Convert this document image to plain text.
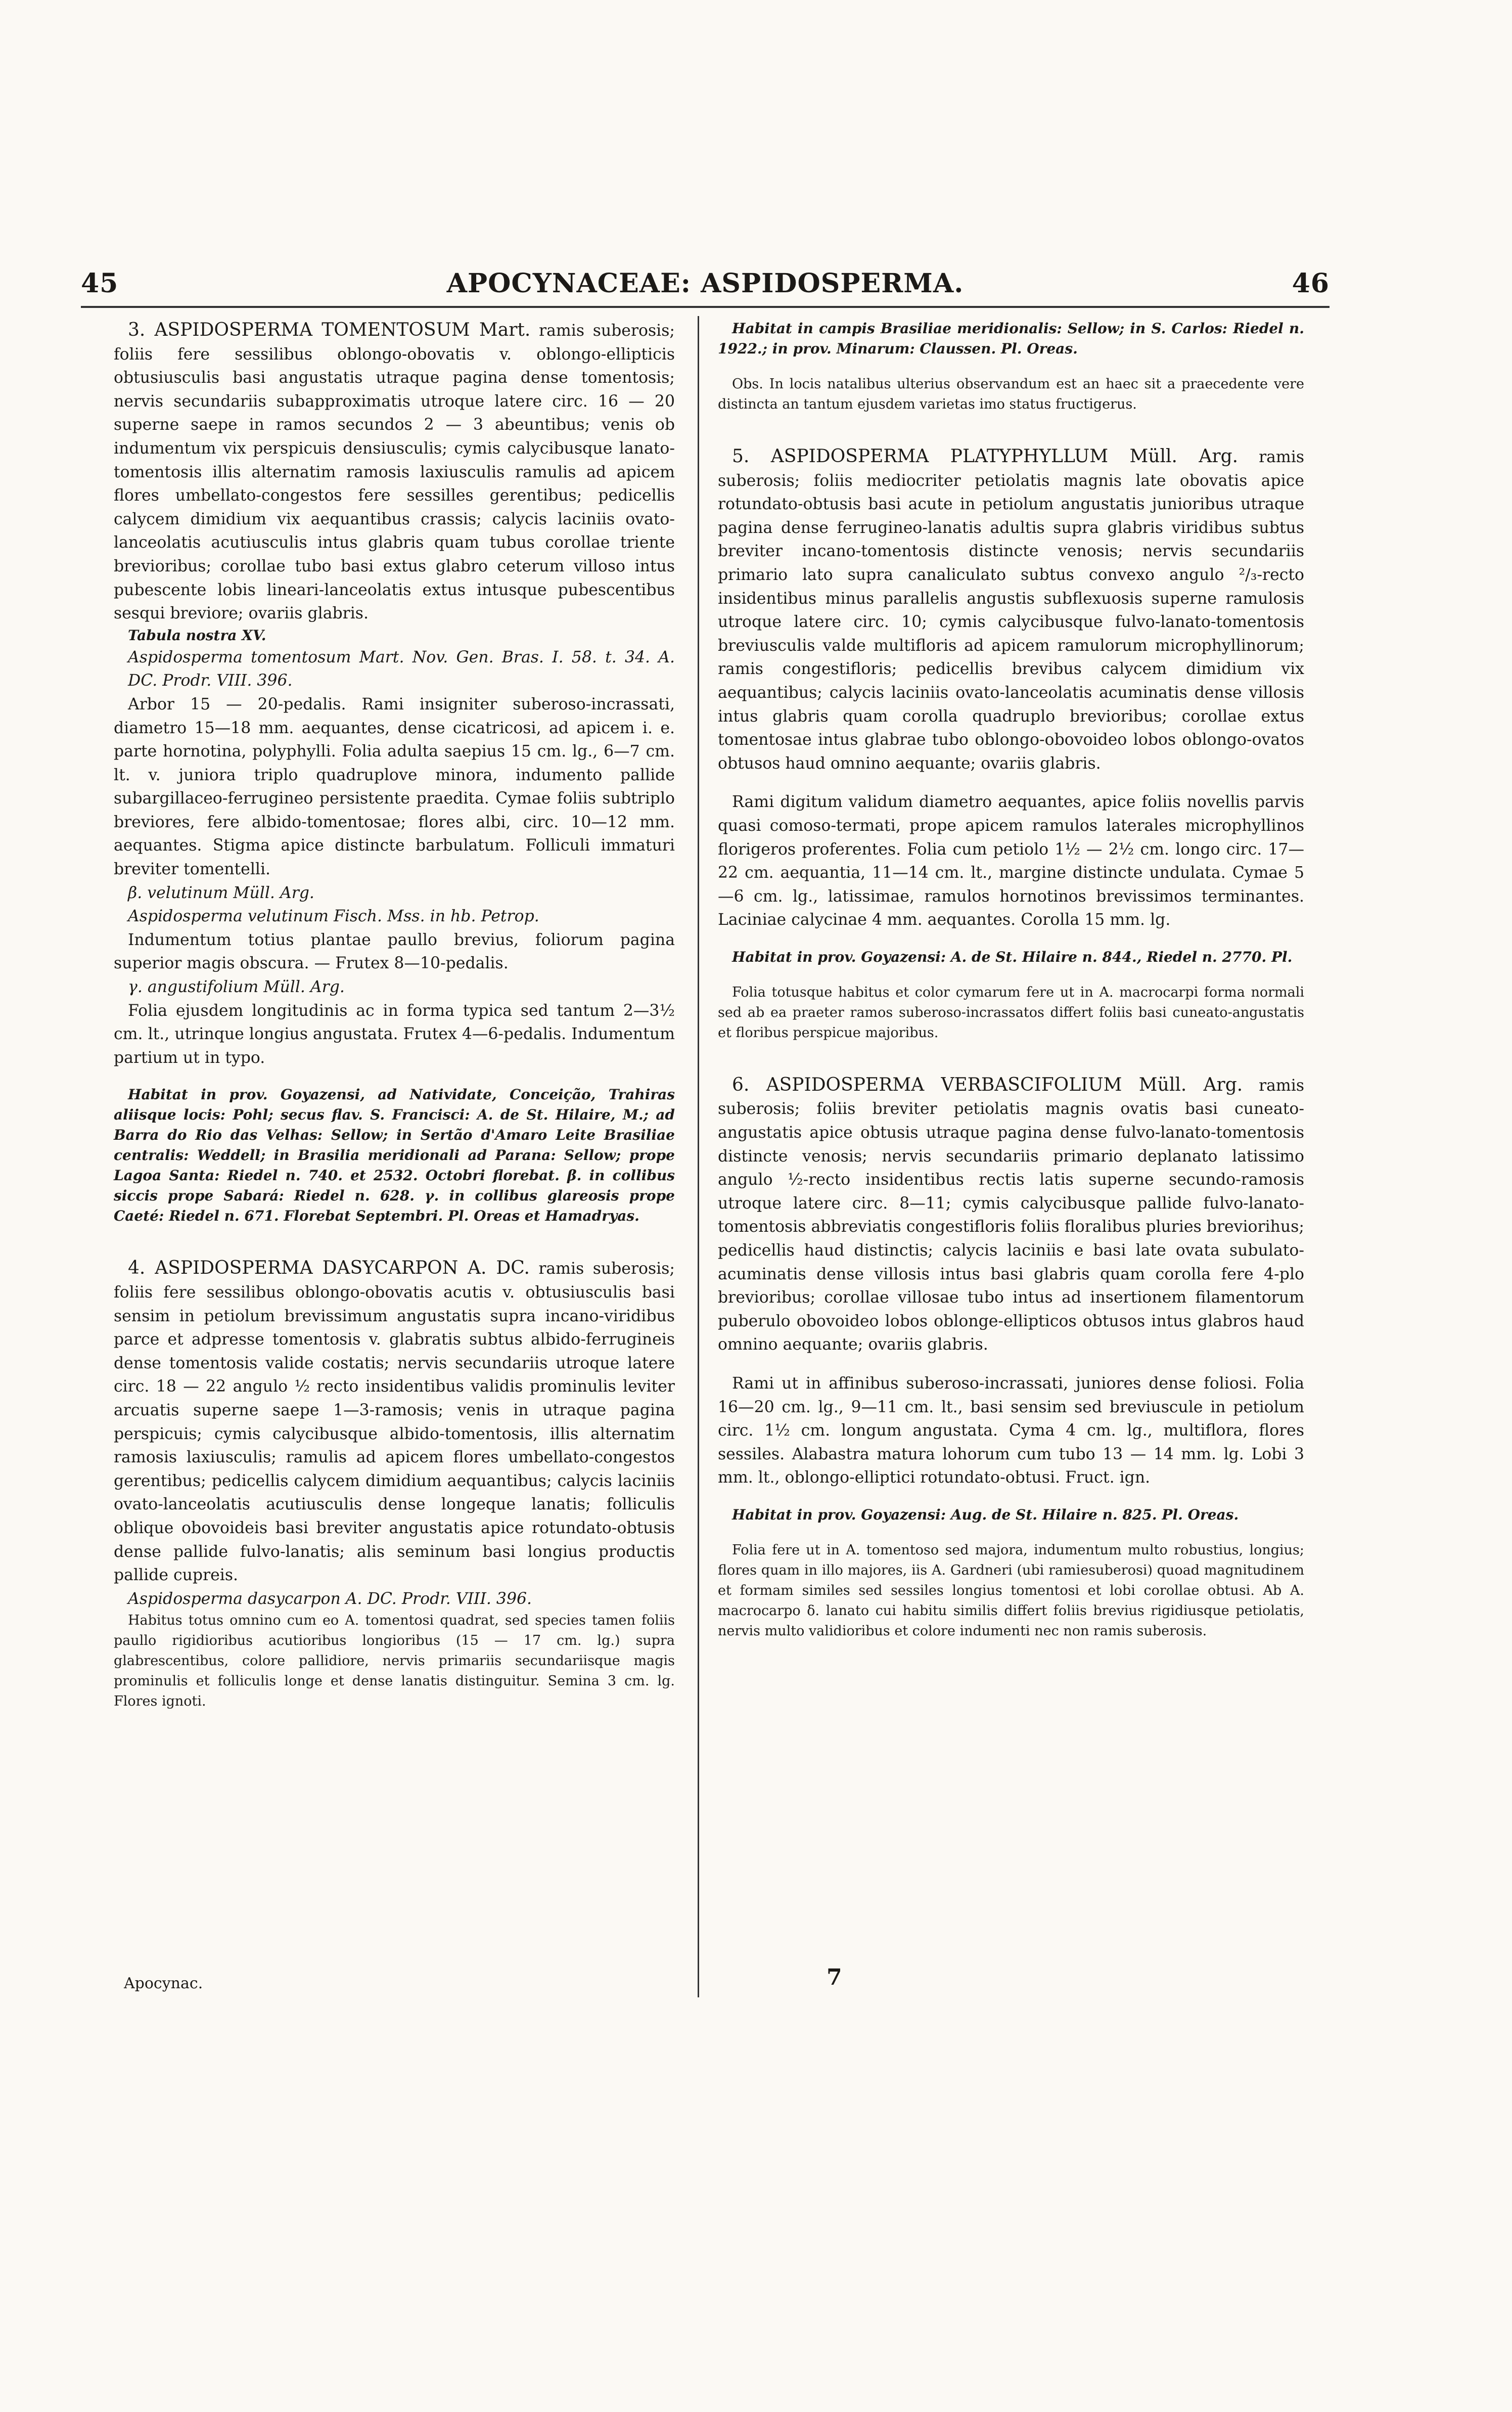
45	APOCYNACEAE: ASPIDOSPERMA.	46

3. ASPIDOSPERMA TOMENTOSUM Mart. ramis suberosis; foliis fere sessilibus oblongo-obovatis v. oblongo-ellipticis obtusiusculis basi angustatis utraque pagina dense tomentosis; nervis secundariis subapproximatis utroque latere circ. 16 — 20 superne saepe in ramos secundos 2 — 3 abeuntibus; venis ob indumentum vix perspicuis densiusculis; cymis calycibusque lanato-tomentosis illis alternatim ramosis laxiusculis ramulis ad apicem flores umbellato-congestos fere sessilles gerentibus; pedicellis calycem dimidium vix aequantibus crassis; calycis laciniis ovato-lanceolatis acutiusculis intus glabris quam tubus corollae triente brevioribus; corollae tubo basi extus glabro ceterum villoso intus pubescente lobis lineari-lanceolatis extus intusque pubescentibus sesqui breviore; ovariis glabris.

Tabula nostra XV.

Aspidosperma tomentosum Mart. Nov. Gen. Bras. I. 58. t. 34. A. DC. Prodr. VIII. 396.

Arbor 15 — 20-pedalis. Rami insigniter suberoso-incrassati, diametro 15—18 mm. aequantes, dense cicatricosi, ad apicem i. e. parte hornotina, polyphylli. Folia adulta saepius 15 cm. lg., 6—7 cm. lt. v. juniora triplo quadruplove minora, indumento pallide subargillaceo-ferrugineo persistente praedita. Cymae foliis subtriplo breviores, fere albido-tomentosae; flores albi, circ. 10—12 mm. aequantes. Stigma apice distincte barbulatum. Folliculi immaturi breviter tomentelli.

β. velutinum Müll. Arg.

Aspidosperma velutinum Fisch. Mss. in hb. Petrop.

Indumentum totius plantae paullo brevius, foliorum pagina superior magis obscura. — Frutex 8—10-pedalis.

γ. angustifolium Müll. Arg.

Folia ejusdem longitudinis ac in forma typica sed tantum 2—3½ cm. lt., utrinque longius angustata. Frutex 4—6-pedalis. Indumentum partium ut in typo.

Habitat in prov. Goyazensi, ad Natividate, Conceição, Trahiras aliisque locis: Pohl; secus flav. S. Francisci: A. de St. Hilaire, M.; ad Barra do Rio das Velhas: Sellow; in Sertão d'Amaro Leite Brasiliae centralis: Weddell; in Brasilia meridionali ad Parana: Sellow; prope Lagoa Santa: Riedel n. 740. et 2532. Octobri florebat. β. in collibus siccis prope Sabará: Riedel n. 628. γ. in collibus glareosis prope Caeté: Riedel n. 671. Florebat Septembri. Pl. Oreas et Hamadryas.

4. ASPIDOSPERMA DASYCARPON A. DC. ramis suberosis; foliis fere sessilibus oblongo-obovatis acutis v. obtusiusculis basi sensim in petiolum brevissimum angustatis supra incano-viridibus parce et adpresse tomentosis v. glabratis subtus albido-ferrugineis dense tomentosis valide costatis; nervis secundariis utroque latere circ. 18 — 22 angulo ½ recto insidentibus validis prominulis leviter arcuatis superne saepe 1—3-ramosis; venis in utraque pagina perspicuis; cymis calycibusque albido-tomentosis, illis alternatim ramosis laxiusculis; ramulis ad apicem flores umbellato-congestos gerentibus; pedicellis calycem dimidium aequantibus; calycis laciniis ovato-lanceolatis acutiusculis dense longeque lanatis; folliculis oblique obovoideis basi breviter angustatis apice rotundato-obtusis dense pallide fulvo-lanatis; alis seminum basi longius productis pallide cupreis.

Aspidosperma dasycarpon A. DC. Prodr. VIII. 396.

Habitus totus omnino cum eo A. tomentosi quadrat, sed species tamen foliis paullo rigidioribus acutioribus longioribus (15 — 17 cm. lg.) supra glabrescentibus, colore pallidiore, nervis primariis secundariisque magis prominulis et folliculis longe et dense lanatis distinguitur. Semina 3 cm. lg. Flores ignoti.

Habitat in campis Brasiliae meridionalis: Sellow; in S. Carlos: Riedel n. 1922.; in prov. Minarum: Claussen. Pl. Oreas.

Obs. In locis natalibus ulterius observandum est an haec sit a praecedente vere distincta an tantum ejusdem varietas imo status fructigerus.

5. ASPIDOSPERMA PLATYPHYLLUM Müll. Arg. ramis suberosis; foliis mediocriter petiolatis magnis late obovatis apice rotundato-obtusis basi acute in petiolum angustatis junioribus utraque pagina dense ferrugineo-lanatis adultis supra glabris viridibus subtus breviter incano-tomentosis distincte venosis; nervis secundariis primario lato supra canaliculato subtus convexo angulo ²/₃-recto insidentibus minus parallelis angustis subflexuosis superne ramulosis utroque latere circ. 10; cymis calycibusque fulvo-lanato-tomentosis breviusculis valde multifloris ad apicem ramulorum microphyllinorum; ramis congestifloris; pedicellis brevibus calycem dimidium vix aequantibus; calycis laciniis ovato-lanceolatis acuminatis dense villosis intus glabris quam corolla quadruplo brevioribus; corollae extus tomentosae intus glabrae tubo oblongo-obovoideo lobos oblongo-ovatos obtusos haud omnino aequante; ovariis glabris.

Rami digitum validum diametro aequantes, apice foliis novellis parvis quasi comoso-termati, prope apicem ramulos laterales microphyllinos florigeros proferentes. Folia cum petiolo 1½ — 2½ cm. longo circ. 17—22 cm. aequantia, 11—14 cm. lt., margine distincte undulata. Cymae 5—6 cm. lg., latissimae, ramulos hornotinos brevissimos terminantes. Laciniae calycinae 4 mm. aequantes. Corolla 15 mm. lg.

Habitat in prov. Goyazensi: A. de St. Hilaire n. 844., Riedel n. 2770. Pl.

Folia totusque habitus et color cymarum fere ut in A. macrocarpi forma normali sed ab ea praeter ramos suberoso-incrassatos differt foliis basi cuneato-angustatis et floribus perspicue majoribus.

6. ASPIDOSPERMA VERBASCIFOLIUM Müll. Arg. ramis suberosis; foliis breviter petiolatis magnis ovatis basi cuneato-angustatis apice obtusis utraque pagina dense fulvo-lanato-tomentosis distincte venosis; nervis secundariis primario deplanato latissimo angulo ½-recto insidentibus rectis latis superne secundo-ramosis utroque latere circ. 8—11; cymis calycibusque pallide fulvo-lanato-tomentosis abbreviatis congestifloris foliis floralibus pluries breviorihus; pedicellis haud distinctis; calycis laciniis e basi late ovata subulato-acuminatis dense villosis intus basi glabris quam corolla fere 4-plo brevioribus; corollae villosae tubo intus ad insertionem filamentorum puberulo obovoideo lobos oblonge-ellipticos obtusos intus glabros haud omnino aequante; ovariis glabris.

Rami ut in affinibus suberoso-incrassati, juniores dense foliosi. Folia 16—20 cm. lg., 9—11 cm. lt., basi sensim sed breviuscule in petiolum circ. 1½ cm. longum angustata. Cyma 4 cm. lg., multiflora, flores sessiles. Alabastra matura lohorum cum tubo 13 — 14 mm. lg. Lobi 3 mm. lt., oblongo-elliptici rotundato-obtusi. Fruct. ign.

Habitat in prov. Goyazensi: Aug. de St. Hilaire n. 825. Pl. Oreas.

Folia fere ut in A. tomentoso sed majora, indumentum multo robustius, longius; flores quam in illo majores, iis A. Gardneri (ubi ramiesuberosi) quoad magnitudinem et formam similes sed sessiles longius tomentosi et lobi corollae obtusi. Ab A. macrocarpo δ. lanato cui habitu similis differt foliis brevius rigidiusque petiolatis, nervis multo validioribus et colore indumenti nec non ramis suberosis.

Apocynac.	7
